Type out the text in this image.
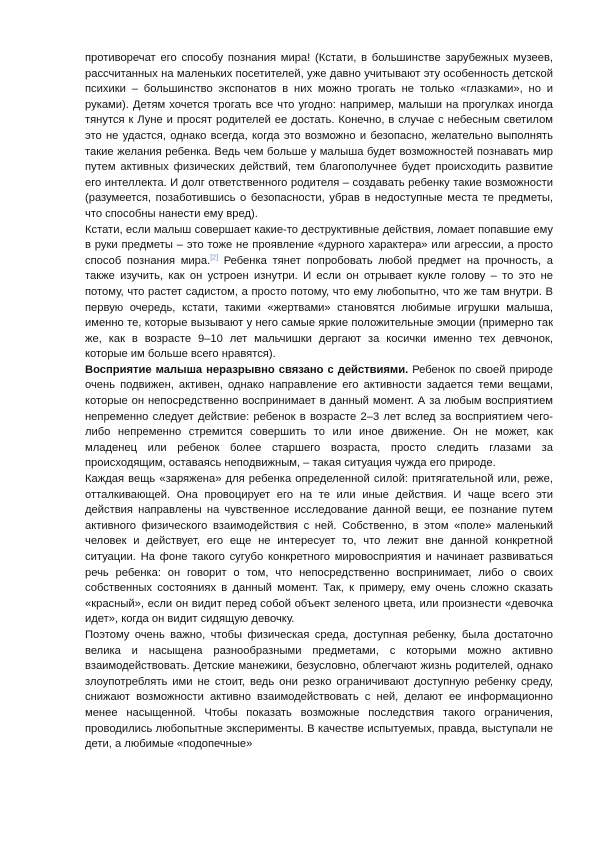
противоречат его способу познания мира! (Кстати, в большинстве зарубежных музеев, рассчитанных на маленьких посетителей, уже давно учитывают эту особенность детской психики – большинство экспонатов в них можно трогать не только «глазками», но и руками). Детям хочется трогать все что угодно: например, малыши на прогулках иногда тянутся к Луне и просят родителей ее достать. Конечно, в случае с небесным светилом это не удастся, однако всегда, когда это возможно и безопасно, желательно выполнять такие желания ребенка. Ведь чем больше у малыша будет возможностей познавать мир путем активных физических действий, тем благополучнее будет происходить развитие его интеллекта. И долг ответственного родителя – создавать ребенку такие возможности (разумеется, позаботившись о безопасности, убрав в недоступные места те предметы, что способны нанести ему вред).

Кстати, если малыш совершает какие-то деструктивные действия, ломает попавшие ему в руки предметы – это тоже не проявление «дурного характера» или агрессии, а просто способ познания мира.[2] Ребенка тянет попробовать любой предмет на прочность, а также изучить, как он устроен изнутри. И если он отрывает кукле голову – то это не потому, что растет садистом, а просто потому, что ему любопытно, что же там внутри. В первую очередь, кстати, такими «жертвами» становятся любимые игрушки малыша, именно те, которые вызывают у него самые яркие положительные эмоции (примерно так же, как в возрасте 9–10 лет мальчишки дергают за косички именно тех девчонок, которые им больше всего нравятся).

Восприятие малыша неразрывно связано с действиями. Ребенок по своей природе очень подвижен, активен, однако направление его активности задается теми вещами, которые он непосредственно воспринимает в данный момент. А за любым восприятием непременно следует действие: ребенок в возрасте 2–3 лет вслед за восприятием чего-либо непременно стремится совершить то или иное движение. Он не может, как младенец или ребенок более старшего возраста, просто следить глазами за происходящим, оставаясь неподвижным, – такая ситуация чужда его природе.

Каждая вещь «заряжена» для ребенка определенной силой: притягательной или, реже, отталкивающей. Она провоцирует его на те или иные действия. И чаще всего эти действия направлены на чувственное исследование данной вещи, ее познание путем активного физического взаимодействия с ней. Собственно, в этом «поле» маленький человек и действует, его еще не интересует то, что лежит вне данной конкретной ситуации. На фоне такого сугубо конкретного мировосприятия и начинает развиваться речь ребенка: он говорит о том, что непосредственно воспринимает, либо о своих собственных состояниях в данный момент. Так, к примеру, ему очень сложно сказать «красный», если он видит перед собой объект зеленого цвета, или произнести «девочка идет», когда он видит сидящую девочку.

Поэтому очень важно, чтобы физическая среда, доступная ребенку, была достаточно велика и насыщена разнообразными предметами, с которыми можно активно взаимодействовать. Детские манежики, безусловно, облегчают жизнь родителей, однако злоупотреблять ими не стоит, ведь они резко ограничивают доступную ребенку среду, снижают возможности активно взаимодействовать с ней, делают ее информационно менее насыщенной. Чтобы показать возможные последствия такого ограничения, проводились любопытные эксперименты. В качестве испытуемых, правда, выступали не дети, а любимые «подопечные»
